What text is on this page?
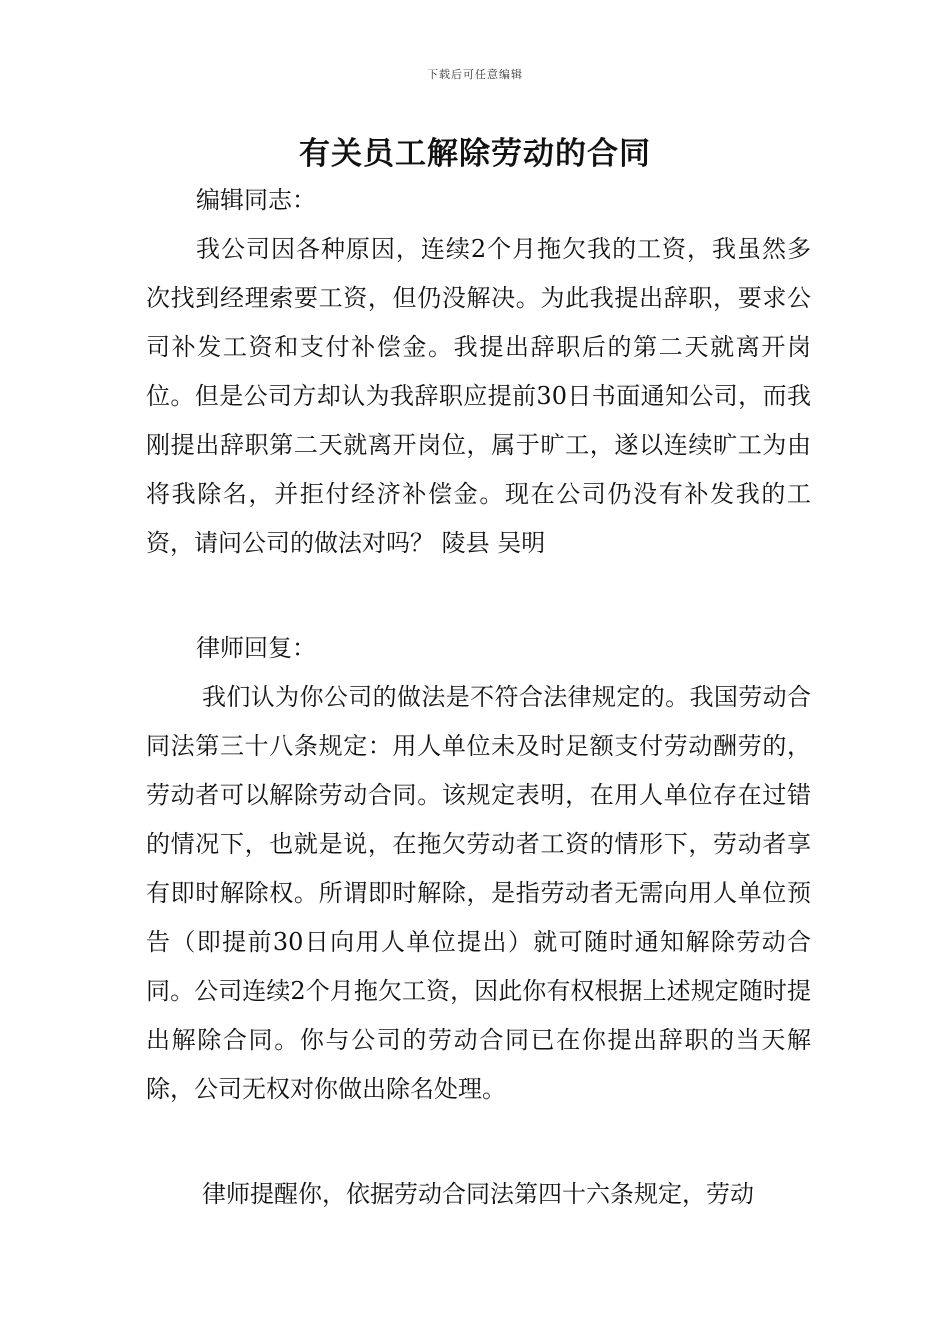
下载后可任意编辑
有关员工解除劳动的合同

编辑同志：

我公司因各种原因，连续2个月拖欠我的工资，我虽然多次找到经理索要工资，但仍没解决。为此我提出辞职，要求公司补发工资和支付补偿金。我提出辞职后的第二天就离开岗位。但是公司方却认为我辞职应提前30日书面通知公司，而我刚提出辞职第二天就离开岗位，属于旷工，遂以连续旷工为由将我除名，并拒付经济补偿金。现在公司仍没有补发我的工资，请问公司的做法对吗？ 陵县 吴明

律师回复：

我们认为你公司的做法是不符合法律规定的。我国劳动合同法第三十八条规定：用人单位未及时足额支付劳动酬劳的，劳动者可以解除劳动合同。该规定表明，在用人单位存在过错的情况下，也就是说，在拖欠劳动者工资的情形下，劳动者享有即时解除权。所谓即时解除，是指劳动者无需向用人单位预告（即提前30日向用人单位提出）就可随时通知解除劳动合同。公司连续2个月拖欠工资，因此你有权根据上述规定随时提出解除合同。你与公司的劳动合同已在你提出辞职的当天解除，公司无权对你做出除名处理。

律师提醒你，依据劳动合同法第四十六条规定，劳动
